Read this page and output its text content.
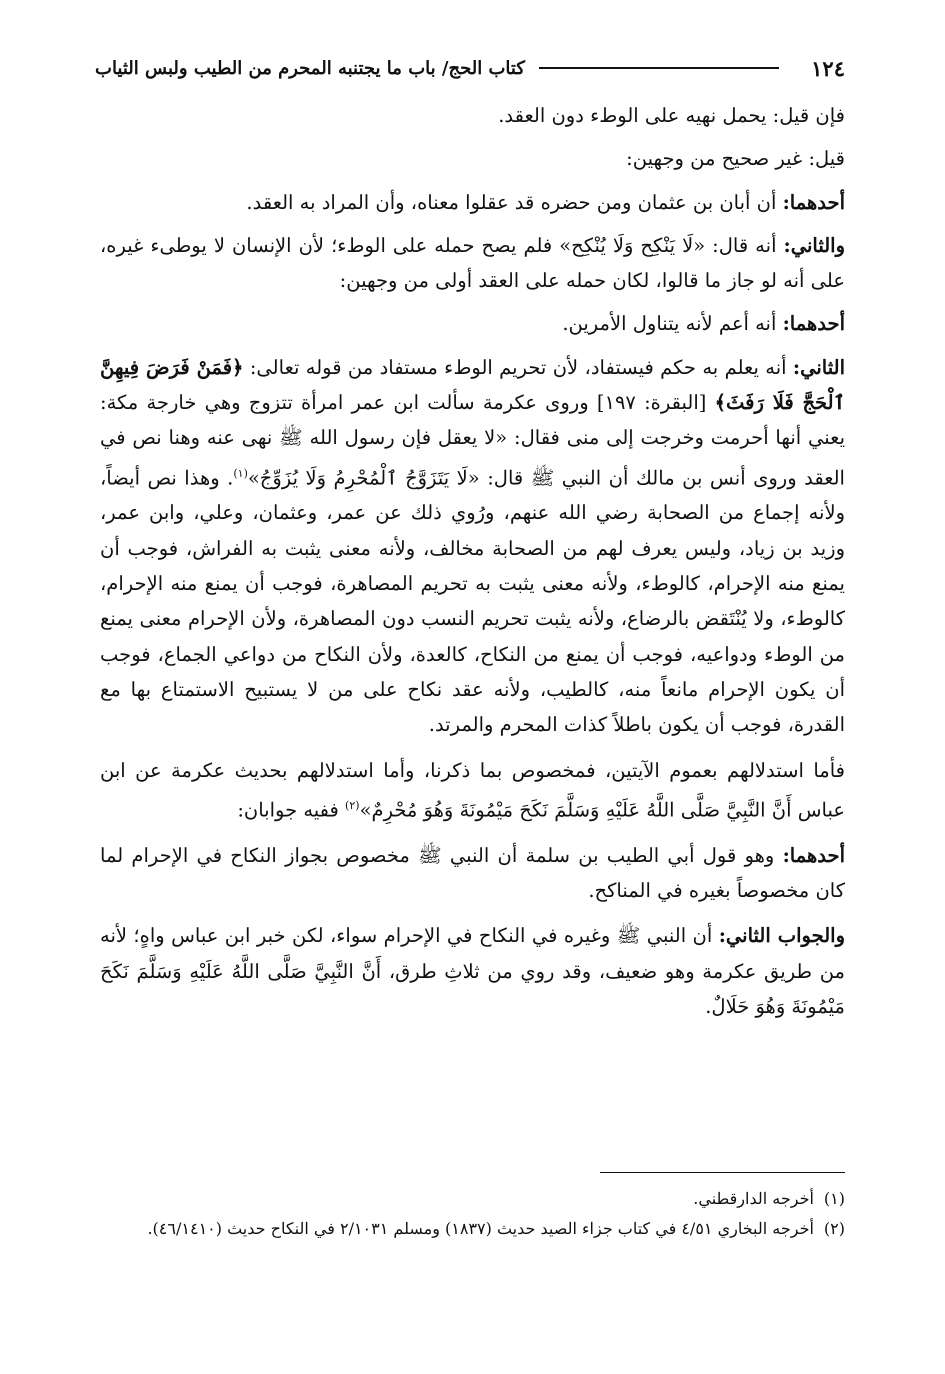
١٢٤
كتاب الحج/ باب ما يجتنبه المحرم من الطيب ولبس الثياب

فإن قيل: يحمل نهيه على الوطء دون العقد.

قيل: غير صحيح من وجهين:

أحدهما: أن أبان بن عثمان ومن حضره قد عقلوا معناه، وأن المراد به العقد.

والثاني: أنه قال: «لَا يَنْكِح وَلَا يُنْكِح» فلم يصح حمله على الوطء؛ لأن الإنسان لا يوطىء غيره، على أنه لو جاز ما قالوا، لكان حمله على العقد أولى من وجهين:

أحدهما: أنه أعم لأنه يتناول الأمرين.

الثاني: أنه يعلم به حكم فيستفاد، لأن تحريم الوطء مستفاد من قوله تعالى: ﴿فَمَنْ فَرَضَ فِيهِنَّ ٱلْحَجَّ فَلَا رَفَثَ﴾ [البقرة: ١٩٧] وروى عكرمة سألت ابن عمر امرأة تتزوج وهي خارجة مكة: يعني أنها أحرمت وخرجت إلى منى فقال: «لا يعقل فإن رسول الله ﷺ نهى عنه وهنا نص في العقد وروى أنس بن مالك أن النبي ﷺ قال: «لَا يَتَزَوَّجُ ٱلْمُحْرِمُ وَلَا يُزَوِّجُ»$^{(١)}$. وهذا نص أيضاً، ولأنه إجماع من الصحابة رضي الله عنهم، ورُوي ذلك عن عمر، وعثمان، وعلي، وابن عمر، وزيد بن زياد، وليس يعرف لهم من الصحابة مخالف، ولأنه معنى يثبت به الفراش، فوجب أن يمنع منه الإحرام، كالوطء، ولأنه معنى يثبت به تحريم المصاهرة، فوجب أن يمنع منه الإحرام، كالوطء، ولا يُنْتَقض بالرضاع، ولأنه يثبت تحريم النسب دون المصاهرة، ولأن الإحرام معنى يمنع من الوطء ودواعيه، فوجب أن يمنع من النكاح، كالعدة، ولأن النكاح من دواعي الجماع، فوجب أن يكون الإحرام مانعاً منه، كالطيب، ولأنه عقد نكاح على من لا يستبيح الاستمتاع بها مع القدرة، فوجب أن يكون باطلاً كذات المحرم والمرتد.

فأما استدلالهم بعموم الآيتين، فمخصوص بما ذكرنا، وأما استدلالهم بحديث عكرمة عن ابن عباس أَنَّ النَّبِيَّ صَلَّى اللَّهُ عَلَيْهِ وَسَلَّمَ نَكَحَ مَيْمُونَةَ وَهُوَ مُحْرِمٌ»$^{(٢)}$ ففيه جوابان:

أحدهما: وهو قول أبي الطيب بن سلمة أن النبي ﷺ مخصوص بجواز النكاح في الإحرام لما كان مخصوصاً بغيره في المناكح.

والجواب الثاني: أن النبي ﷺ وغيره في النكاح في الإحرام سواء، لكن خبر ابن عباس واهٍ؛ لأنه من طريق عكرمة وهو ضعيف، وقد روي من ثلاثِ طرق، أَنَّ النَّبِيَّ صَلَّى اللَّهُ عَلَيْهِ وَسَلَّمَ نَكَحَ مَيْمُونَةَ وَهُوَ حَلَالٌ.

(١)أخرجه الدارقطني.

(٢)أخرجه البخاري ٤/٥١ في كتاب جزاء الصيد حديث (١٨٣٧) ومسلم ٢/١٠٣١ في النكاح حديث (٤٦/١٤١٠).
